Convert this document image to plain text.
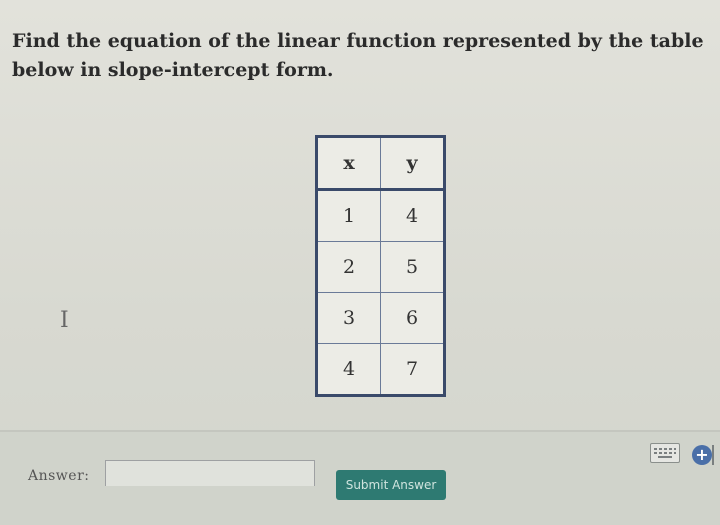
Find the equation of the linear function represented by the table below in slope-intercept form.

I
x	y
1	4
2	5
3	6
4	7
+
Answer:
Submit Answer
